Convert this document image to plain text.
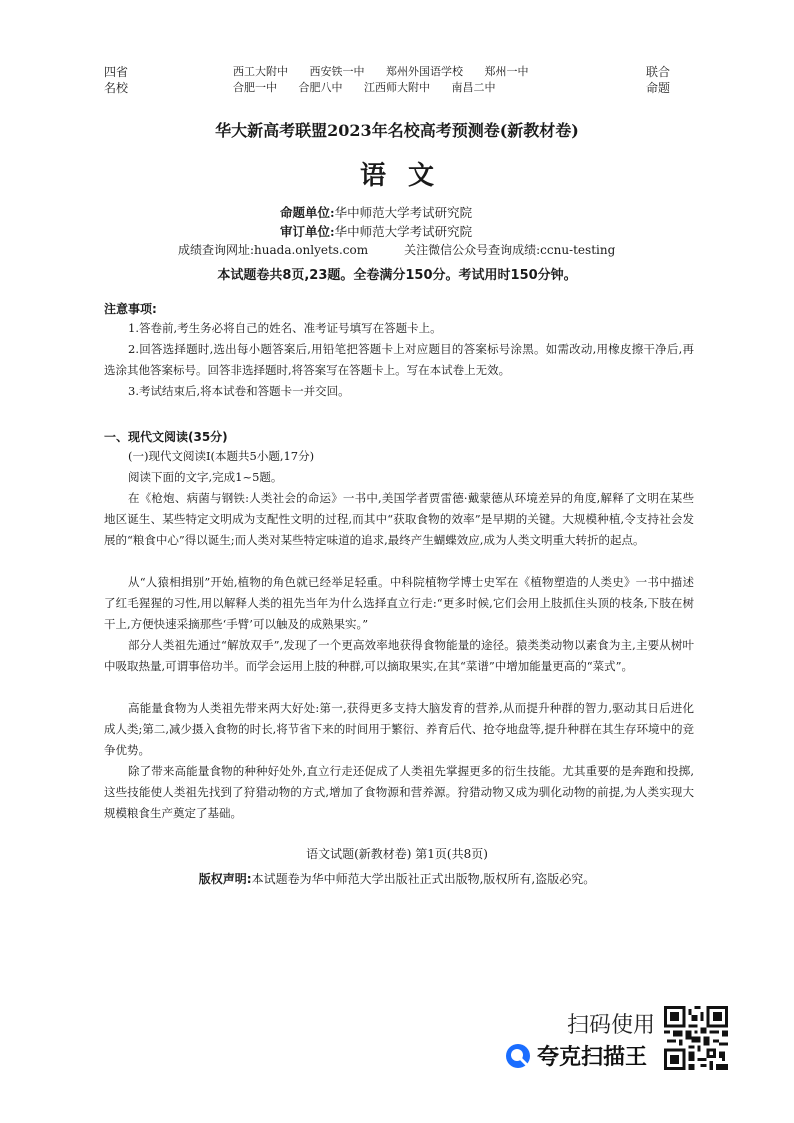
四省
名校
西工大附中 西安铁一中 郑州外国语学校 郑州一中
合肥一中 合肥八中 江西师大附中 南昌二中
联合
命题
华大新高考联盟2023年名校高考预测卷(新教材卷)
语文
命题单位:华中师范大学考试研究院
审订单位:华中师范大学考试研究院
成绩查询网址:huada.onlyets.com	关注微信公众号查询成绩:ccnu-testing
本试题卷共8页,23题。全卷满分150分。考试用时150分钟。
注意事项:
1.答卷前,考生务必将自己的姓名、准考证号填写在答题卡上。
2.回答选择题时,选出每小题答案后,用铅笔把答题卡上对应题目的答案标号涂黑。如需改动,用橡皮擦干净后,再选涂其他答案标号。回答非选择题时,将答案写在答题卡上。写在本试卷上无效。
3.考试结束后,将本试卷和答题卡一并交回。
一、现代文阅读(35分)
(一)现代文阅读Ⅰ(本题共5小题,17分)
阅读下面的文字,完成1~5题。
在《枪炮、病菌与钢铁:人类社会的命运》一书中,美国学者贾雷德·戴蒙德从环境差异的角度,解释了文明在某些地区诞生、某些特定文明成为支配性文明的过程,而其中“获取食物的效率”是早期的关键。大规模种植,令支持社会发展的“粮食中心”得以诞生;而人类对某些特定味道的追求,最终产生蝴蝶效应,成为人类文明重大转折的起点。
从“人猿相揖别”开始,植物的角色就已经举足轻重。中科院植物学博士史军在《植物塑造的人类史》一书中描述了红毛猩猩的习性,用以解释人类的祖先当年为什么选择直立行走:“更多时候,它们会用上肢抓住头顶的枝条,下肢在树干上,方便快速采摘那些‘手臂’可以触及的成熟果实。”
部分人类祖先通过“解放双手”,发现了一个更高效率地获得食物能量的途径。猿类类动物以素食为主,主要从树叶中吸取热量,可谓事倍功半。而学会运用上肢的种群,可以摘取果实,在其“菜谱”中增加能量更高的“菜式”。
高能量食物为人类祖先带来两大好处:第一,获得更多支持大脑发育的营养,从而提升种群的智力,驱动其日后进化成人类;第二,减少摄入食物的时长,将节省下来的时间用于繁衍、养育后代、抢夺地盘等,提升种群在其生存环境中的竞争优势。
除了带来高能量食物的种种好处外,直立行走还促成了人类祖先掌握更多的衍生技能。尤其重要的是奔跑和投掷,这些技能使人类祖先找到了狩猎动物的方式,增加了食物源和营养源。狩猎动物又成为驯化动物的前提,为人类实现大规模粮食生产奠定了基础。
语文试题(新教材卷) 第1页(共8页)
版权声明:本试题卷为华中师范大学出版社正式出版物,版权所有,盗版必究。
扫码使用
夸克扫描王
